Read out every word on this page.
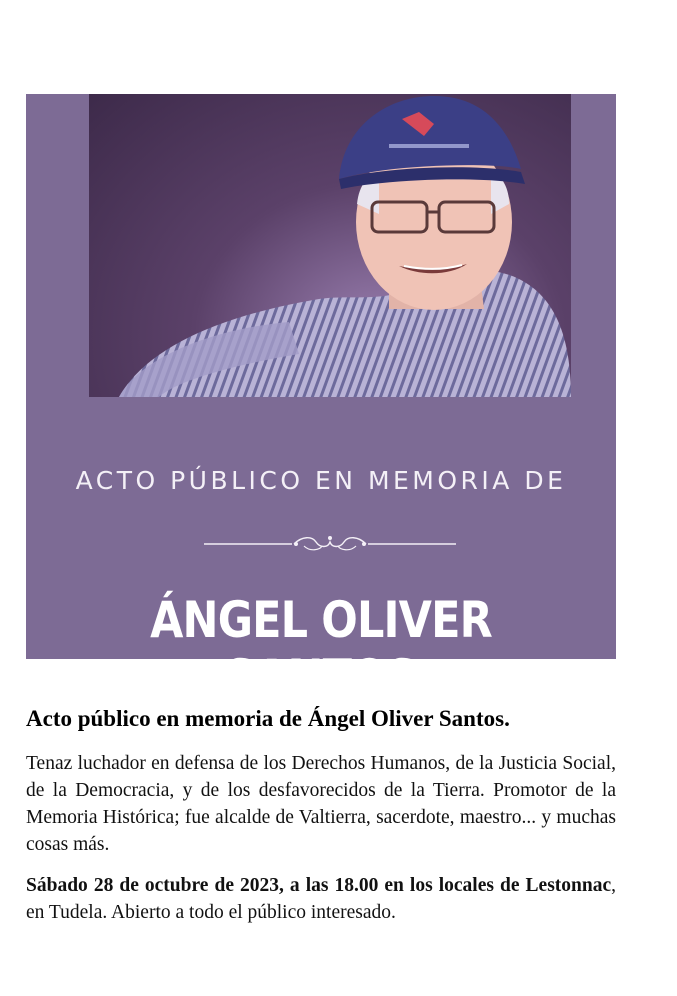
ACTO PÚBLICO EN MEMORIA DE
ÁNGEL OLIVER SANTOS
Acto público en memoria de Ángel Oliver Santos.

Tenaz luchador en defensa de los Derechos Humanos, de la Justicia Social, de la Democracia, y de los desfavorecidos de la Tierra. Promotor de la Memoria Histórica; fue alcalde de Valtierra, sacerdote, maestro... y muchas cosas más.

Sábado 28 de octubre de 2023, a las 18.00 en los locales de Lestonnac, en Tudela. Abierto a todo el público interesado.
